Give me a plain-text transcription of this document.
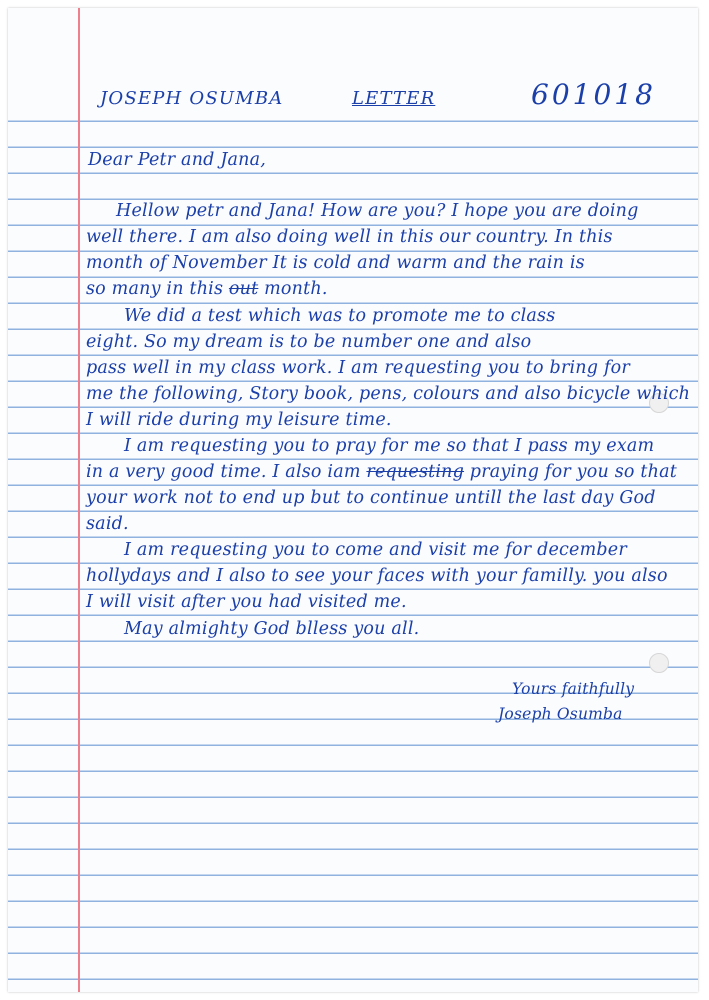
JOSEPH OSUMBA	LETTER	601018
Dear Petr and Jana,
Hellow petr and Jana! How are you? I hope you are doing
well there. I am also doing well in this our country. In this
month of November It is cold and warm and the rain is
so many in this out month.
We did a test which was to promote me to class
eight. So my dream is to be number one and also
pass well in my class work. I am requesting you to bring for
me the following, Story book, pens, colours and also bicycle which
I will ride during my leisure time.
I am requesting you to pray for me so that I pass my exam
in a very good time. I also iam requesting praying for you so that
your work not to end up but to continue untill the last day God
said.
I am requesting you to come and visit me for december
hollydays and I also to see your faces with your familly. you also
I will visit after you had visited me.
May almighty God blless you all.
Yours faithfully
Joseph Osumba
